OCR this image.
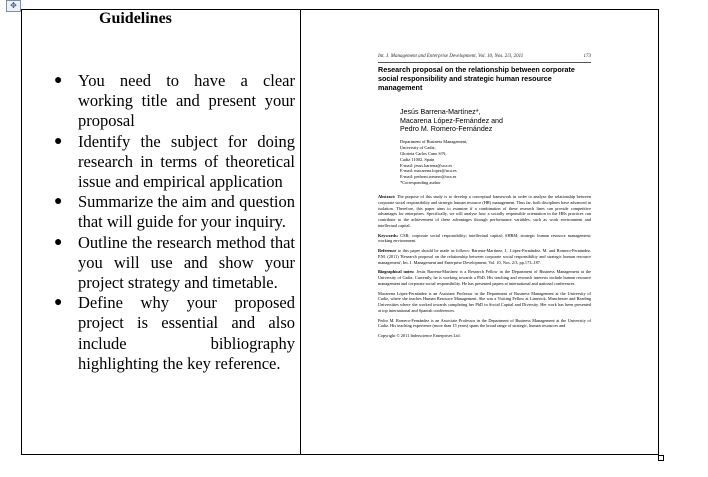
✥
Guidelines
● You need to have a clear working title and present your proposal
● Identify the subject for doing research in terms of theoretical issue and empirical application
● Summarize the aim and question that will guide for your inquiry.
● Outline the research method that you will use and show your project strategy and timetable.
● Define why your proposed project is essential and also include bibliography highlighting the key reference.
Int. J. Management and Enterprise Development, Vol. 10, Nos. 2/3, 2011	173
Research proposal on the relationship between corporate social responsibility and strategic human resource management
Jesús Barrena-Martínez*,
Macarena López-Fernández and
Pedro M. Romero-Fernández
Department of Business Management,
University of Cadiz,
Glorieta Carlos Cano S/N,
Cadiz 11002, Spain
E-mail: jesus.barrena@uca.es
E-mail: macarena.lopez@uca.es
E-mail: pedrom.romero@uca.es
*Corresponding author
Abstract: The purpose of this study is to develop a conceptual framework in order to analyse the relationship between corporate social responsibility and strategic human resource (HR) management. Thus far, both disciplines have advanced in isolation. Therefore, this paper aims to examine if a combination of these research lines can provide competitive advantages for enterprises. Specifically, we will analyse how a socially responsible orientation in the HRs practices can contribute to the achievement of these advantages through performance variables, such as work environment and intellectual capital.
Keywords: CSR; corporate social responsibility; intellectual capital; SHRM; strategic human resource management; working environment.
Reference to this paper should be made as follows: Barrena-Martínez, J., López-Fernández, M. and Romero-Fernández, P.M. (2011) 'Research proposal on the relationship between corporate social responsibility and strategic human resource management', Int. J. Management and Enterprise Development, Vol. 10, Nos. 2/3, pp.173–187.
Biographical notes: Jesús Barrena-Martínez is a Research Fellow in the Department of Business Management at the University of Cadiz. Currently, he is working towards a PhD. His teaching and research interests include human resource management and corporate social responsibility. He has presented papers at international and national conferences.
Macarena López-Fernández is an Assistant Professor in the Department of Business Management at the University of Cadiz, where she teaches Human Resource Management. She was a Visiting Fellow at Limerick, Manchester and Reading Universities where she worked towards completing her PhD in Social Capital and Diversity. Her work has been presented at top international and Spanish conferences.
Pedro M. Romero-Fernández is an Associate Professor in the Department of Business Management at the University of Cadiz. His teaching experience (more than 15 years) spans the broad range of strategic, human resources and
Copyright © 2011 Inderscience Enterprises Ltd.
